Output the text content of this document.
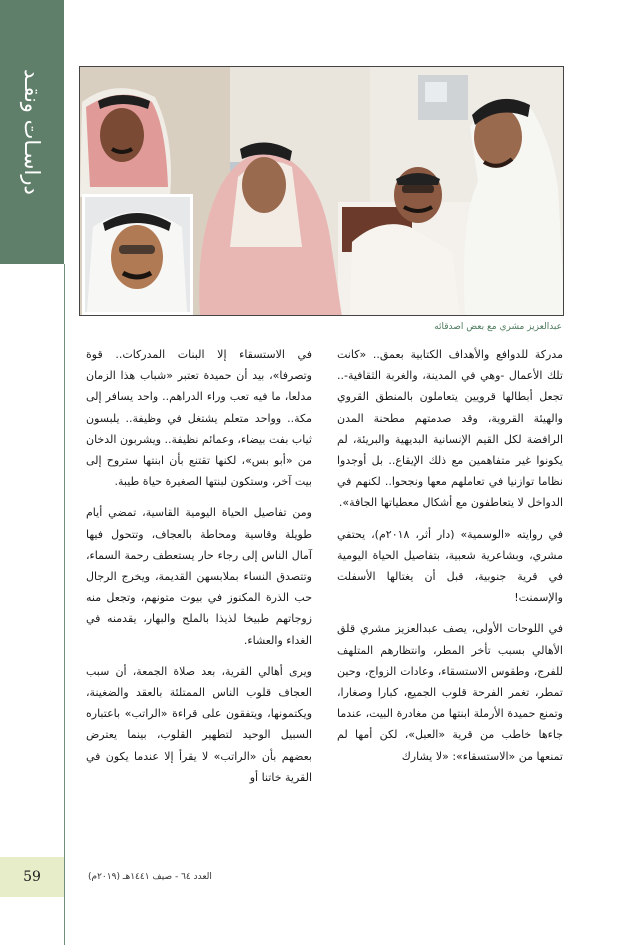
دراسـات ونقـد
عبدالعزيز مشري مع بعض اصدقائه

مدركة للدوافع والأهداف الكتابية بعمق.. «كانت تلك الأعمال -وهي في المدينة، والغربة الثقافية-.. تجعل أبطالها قرويين يتعاملون بالمنطق القروي والهيئة القروية، وقد صدمتهم مطحنة المدن الرافضة لكل القيم الإنسانية البديهية والبريئة، لم يكونوا غير متفاهمين مع ذلك الإيقاع.. بل أوجدوا نظاما توازنيا في تعاملهم معها ونجحوا.. لكنهم في الدواخل لا يتعاطفون مع أشكال معطياتها الجافة».

في روايته «الوسمية» (دار أثر، ٢٠١٨م)، يحتفي مشري، وبشاعرية شعبية، بتفاصيل الحياة اليومية في قرية جنوبية، قبل أن يغتالها الأسفلت والإسمنت!

في اللوحات الأولى، يصف عبدالعزيز مشري قلق الأهالي بسبب تأخر المطر، وانتظارهم المتلهف للفرج، وطقوس الاستسقاء، وعادات الزواج، وحين تمطر، تغمر الفرحة قلوب الجميع، كبارا وصغارا، وتمنع حميدة الأرملة ابنتها من مغادرة البيت، عندما جاءها خاطب من قرية «العبل»، لكن أمها لم تمنعها من «الاستسقاء»: «لا يشارك

في الاستسقاء إلا البنات المدركات.. قوة وتصرفا»، بيد أن حميدة تعتبر «شباب هذا الزمان مدلعا، ما فيه تعب وراء الدراهم.. واحد يسافر إلى مكة.. وواحد متعلم يشتغل في وظيفة.. يلبسون ثياب بفت بيضاء، وعمائم نظيفة.. ويشربون الدخان من «أبو بس»، لكنها تقتنع بأن ابنتها ستروح إلى بيت آخر، وستكون لبنتها الصغيرة حياة طيبة.

ومن تفاصيل الحياة اليومية القاسية، تمضي أيام طويلة وقاسية ومحاطة بالعجاف، وتتحول فيها آمال الناس إلى رجاء حار يستعطف رحمة السماء، وتتصدق النساء بملابسهن القديمة، ويخرج الرجال حب الذرة المكنوز في بيوت متونهم، وتجعل منه زوجاتهم طبيخا لذيذا بالملح والبهار، يقدمنه في الغداء والعشاء.

ويرى أهالي القرية، بعد صلاة الجمعة، أن سبب العجاف قلوب الناس الممتلئة بالعقد والضغينة، ويكتمونها، ويتفقون على قراءة «الراتب» باعتباره السبيل الوحيد لتطهير القلوب، بينما يعترض بعضهم بأن «الراتب» لا يقرأ إلا عندما يكون في القرية خاتنا أو

59	العدد ٦٤ - صيف ١٤٤١هـ (٢٠١٩م)
